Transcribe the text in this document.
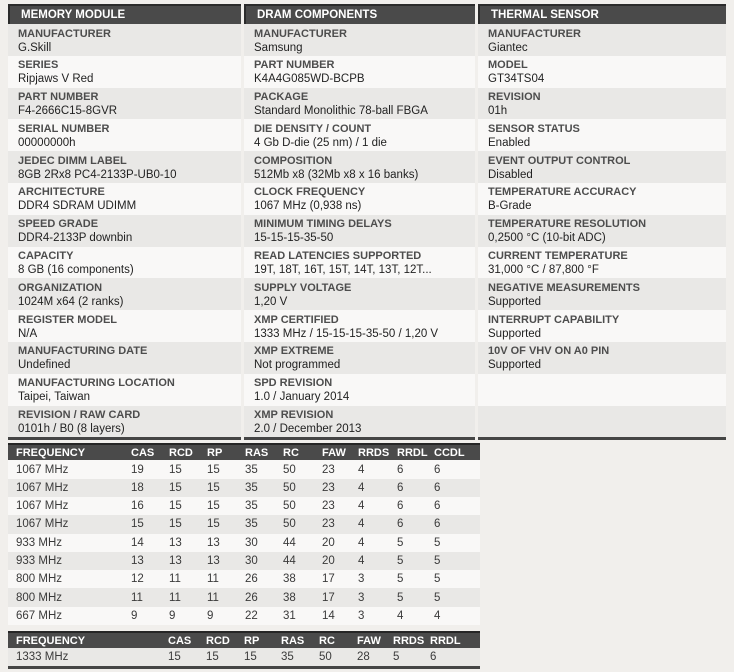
MEMORY MODULE
MANUFACTURER
G.Skill
SERIES
Ripjaws V Red
PART NUMBER
F4-2666C15-8GVR
SERIAL NUMBER
00000000h
JEDEC DIMM LABEL
8GB 2Rx8 PC4-2133P-UB0-10
ARCHITECTURE
DDR4 SDRAM UDIMM
SPEED GRADE
DDR4-2133P downbin
CAPACITY
8 GB (16 components)
ORGANIZATION
1024M x64 (2 ranks)
REGISTER MODEL
N/A
MANUFACTURING DATE
Undefined
MANUFACTURING LOCATION
Taipei, Taiwan
REVISION / RAW CARD
0101h / B0 (8 layers)
DRAM COMPONENTS
MANUFACTURER
Samsung
PART NUMBER
K4A4G085WD-BCPB
PACKAGE
Standard Monolithic 78-ball FBGA
DIE DENSITY / COUNT
4 Gb D-die (25 nm) / 1 die
COMPOSITION
512Mb x8 (32Mb x8 x 16 banks)
CLOCK FREQUENCY
1067 MHz (0,938 ns)
MINIMUM TIMING DELAYS
15-15-15-35-50
READ LATENCIES SUPPORTED
19T, 18T, 16T, 15T, 14T, 13T, 12T...
SUPPLY VOLTAGE
1,20 V
XMP CERTIFIED
1333 MHz / 15-15-15-35-50 / 1,20 V
XMP EXTREME
Not programmed
SPD REVISION
1.0 / January 2014
XMP REVISION
2.0 / December 2013
THERMAL SENSOR
MANUFACTURER
Giantec
MODEL
GT34TS04
REVISION
01h
SENSOR STATUS
Enabled
EVENT OUTPUT CONTROL
Disabled
TEMPERATURE ACCURACY
B-Grade
TEMPERATURE RESOLUTION
0,2500 °C (10-bit ADC)
CURRENT TEMPERATURE
31,000 °C / 87,800 °F
NEGATIVE MEASUREMENTS
Supported
INTERRUPT CAPABILITY
Supported
10V OF VHV ON A0 PIN
Supported
FREQUENCY	CAS	RCD	RP	RAS	RC	FAW	RRDS RRDL CCDL
1067 MHz	19	15	15	35	50	23	4	6	6
1067 MHz	18	15	15	35	50	23	4	6	6
1067 MHz	16	15	15	35	50	23	4	6	6
1067 MHz	15	15	15	35	50	23	4	6	6
933 MHz	14	13	13	30	44	20	4	5	5
933 MHz	13	13	13	30	44	20	4	5	5
800 MHz	12	11	11	26	38	17	3	5	5
800 MHz	11	11	11	26	38	17	3	5	5
667 MHz	9	9	9	22	31	14	3	4	4
FREQUENCY	CAS	RCD	RP	RAS	RC	FAW	RRDS RRDL
1333 MHz	15	15	15	35	50	28	5	6
